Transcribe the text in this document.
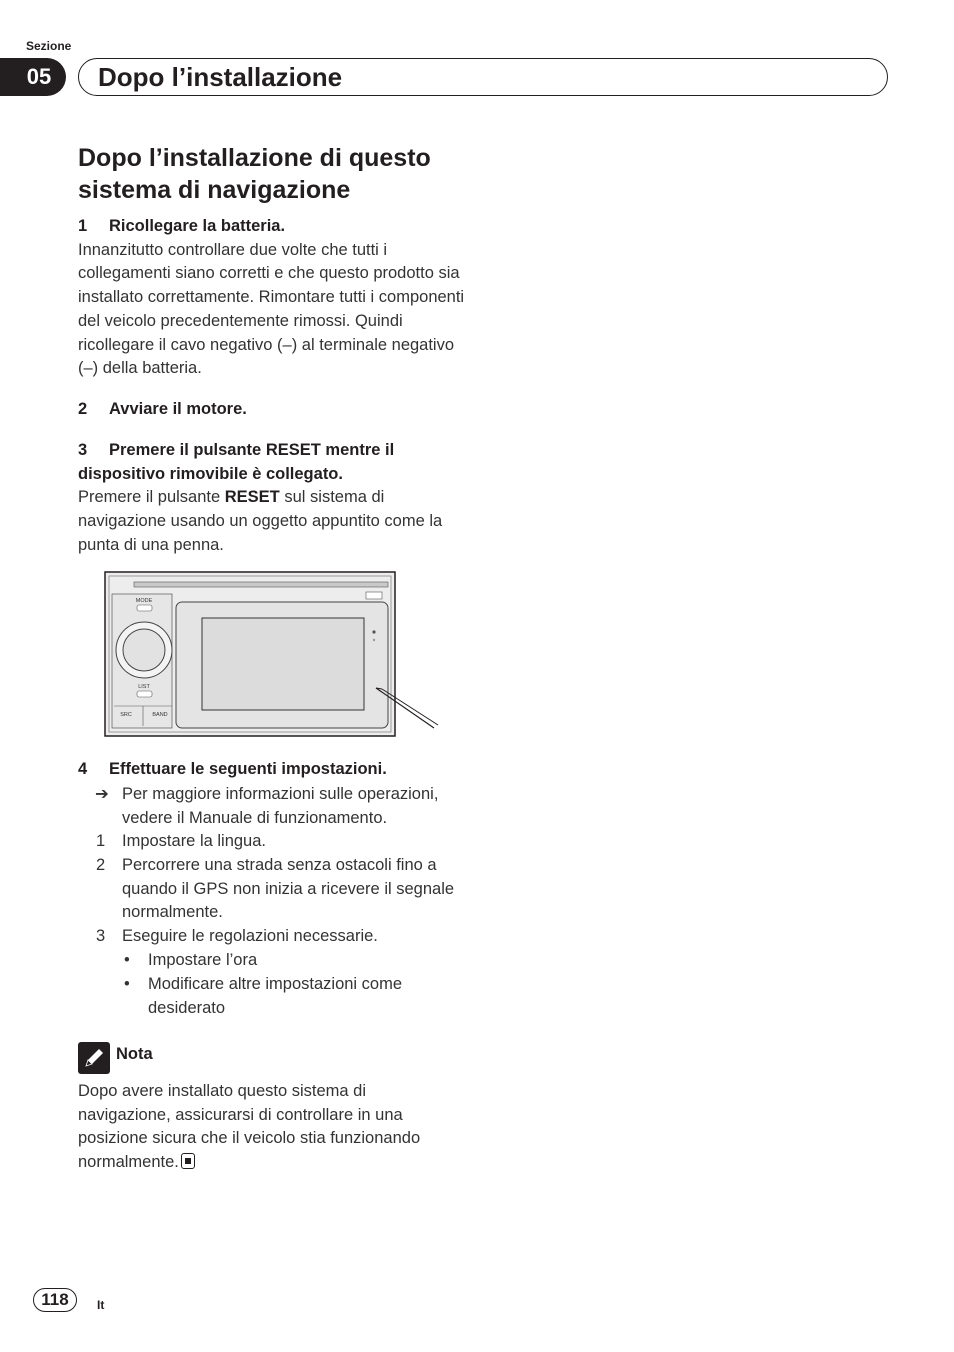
Sezione
05	Dopo l’installazione
Dopo l’installazione di questo sistema di navigazione
1 Ricollegare la batteria.
Innanzitutto controllare due volte che tutti i collegamenti siano corretti e che questo prodotto sia installato correttamente. Rimontare tutti i componenti del veicolo precedentemente rimossi. Quindi ricollegare il cavo negativo (–) al terminale negativo (–) della batteria.
2 Avviare il motore.
3 Premere il pulsante RESET mentre il dispositivo rimovibile è collegato.
Premere il pulsante RESET sul sistema di navigazione usando un oggetto appuntito come la punta di una penna.
MODE
LIST
SRC	BAND
4 Effettuare le seguenti impostazioni.
➔ Per maggiore informazioni sulle operazioni, vedere il Manuale di funzionamento.
1 Impostare la lingua.
2 Percorrere una strada senza ostacoli fino a quando il GPS non inizia a ricevere il segnale normalmente.
3 Eseguire le regolazioni necessarie.
• Impostare l’ora
• Modificare altre impostazioni come desiderato
Nota
Dopo avere installato questo sistema di navigazione, assicurarsi di controllare in una posizione sicura che il veicolo stia funzionando normalmente.
118	It
